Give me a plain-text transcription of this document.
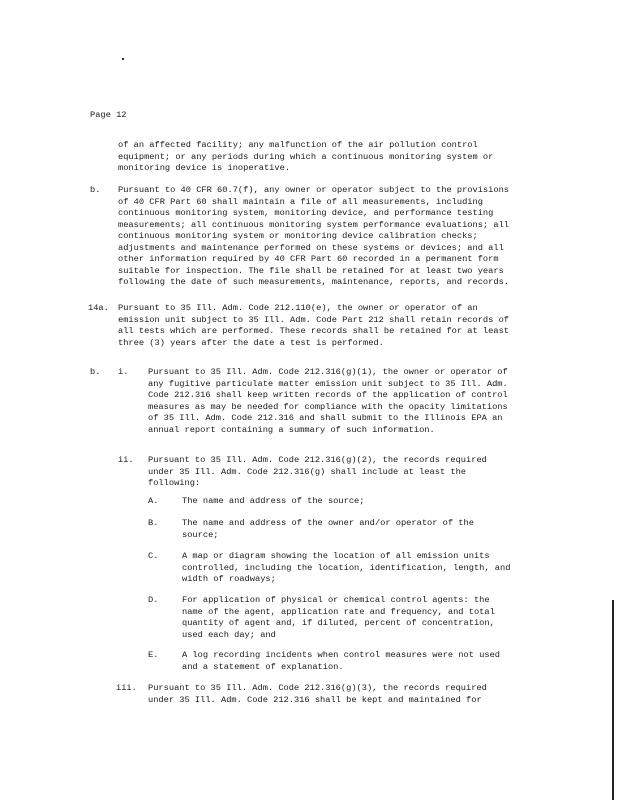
Page 12

of an affected facility; any malfunction of the air pollution control equipment; or any periods during which a continuous monitoring system or monitoring device is inoperative.

b. Pursuant to 40 CFR 60.7(f), any owner or operator subject to the provisions of 40 CFR Part 60 shall maintain a file of all measurements, including continuous monitoring system, monitoring device, and performance testing measurements; all continuous monitoring system performance evaluations; all continuous monitoring system or monitoring device calibration checks; adjustments and maintenance performed on these systems or devices; and all other information required by 40 CFR Part 60 recorded in a permanent form suitable for inspection. The file shall be retained for at least two years following the date of such measurements, maintenance, reports, and records.

14a. Pursuant to 35 Ill. Adm. Code 212.110(e), the owner or operator of an emission unit subject to 35 Ill. Adm. Code Part 212 shall retain records of all tests which are performed. These records shall be retained for at least three (3) years after the date a test is performed.

b. i. Pursuant to 35 Ill. Adm. Code 212.316(g)(1), the owner or operator of any fugitive particulate matter emission unit subject to 35 Ill. Adm. Code 212.316 shall keep written records of the application of control measures as may be needed for compliance with the opacity limitations of 35 Ill. Adm. Code 212.316 and shall submit to the Illinois EPA an annual report containing a summary of such information.

ii. Pursuant to 35 Ill. Adm. Code 212.316(g)(2), the records required under 35 Ill. Adm. Code 212.316(g) shall include at least the following:

A.	The name and address of the source;

B.	The name and address of the owner and/or operator of the source;

C.	A map or diagram showing the location of all emission units controlled, including the location, identification, length, and width of roadways;

D.	For application of physical or chemical control agents: the name of the agent, application rate and frequency, and total quantity of agent and, if diluted, percent of concentration, used each day; and

E.	A log recording incidents when control measures were not used and a statement of explanation.

iii. Pursuant to 35 Ill. Adm. Code 212.316(g)(3), the records required under 35 Ill. Adm. Code 212.316 shall be kept and maintained for
